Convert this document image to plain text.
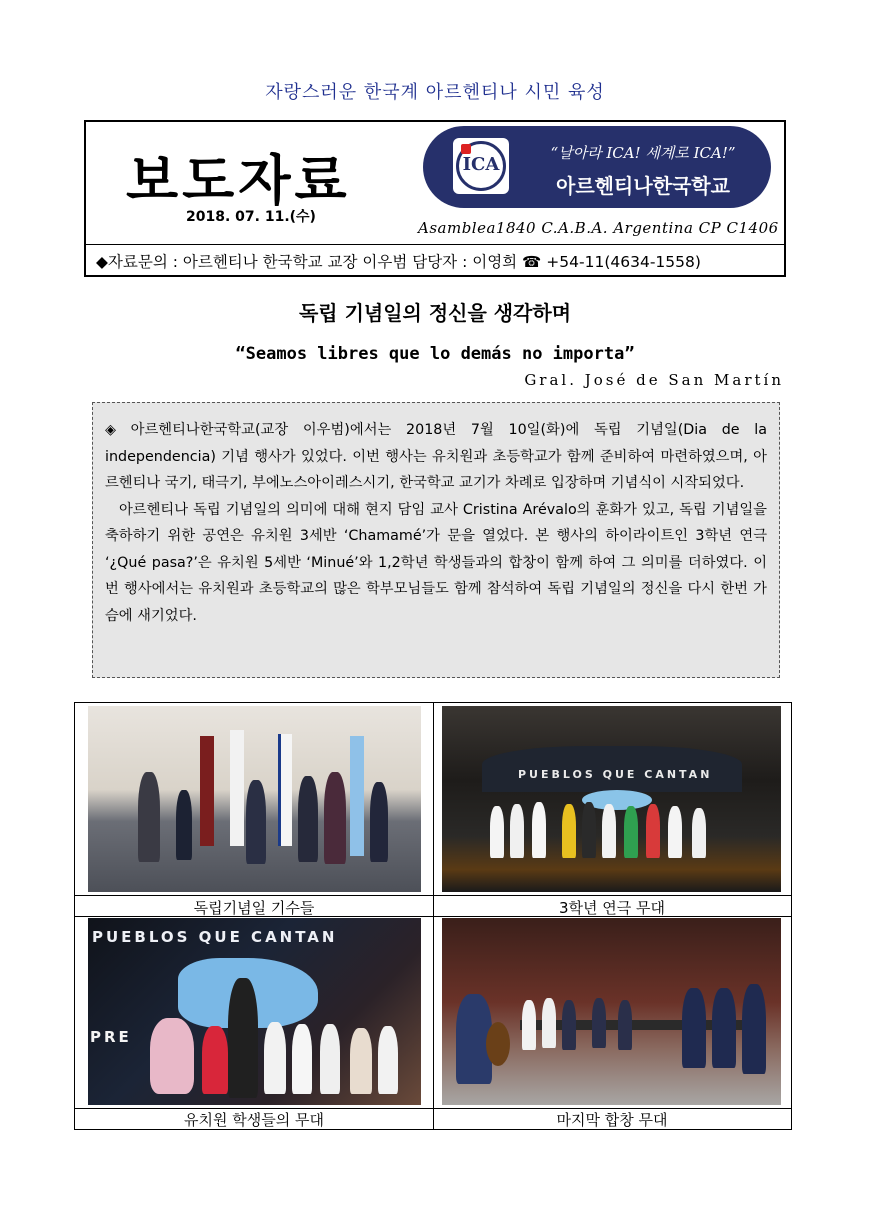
자랑스러운 한국계 아르헨티나 시민 육성
보도자료
2018. 07. 11.(수)
ICA
“날아라 ICA! 세계로 ICA!”
아르헨티나한국학교
Asamblea1840 C.A.B.A. Argentina CP C1406
◆자료문의 : 아르헨티나 한국학교 교장 이우범 담당자 : 이영희 ☎ +54-11(4634-1558)
독립 기념일의 정신을 생각하며
“Seamos libres que lo demás no importa”
Gral. José de San Martín

◈ 아르헨티나한국학교(교장 이우범)에서는 2018년 7월 10일(화)에 독립 기념일(Dia de la independencia) 기념 행사가 있었다. 이번 행사는 유치원과 초등학교가 함께 준비하여 마련하였으며, 아르헨티나 국기, 태극기, 부에노스아이레스시기, 한국학교 교기가 차례로 입장하며 기념식이 시작되었다.

아르헨티나 독립 기념일의 의미에 대해 현지 담임 교사 Cristina Arévalo의 훈화가 있고, 독립 기념일을 축하하기 위한 공연은 유치원 3세반 ‘Chamamé’가 문을 열었다. 본 행사의 하이라이트인 3학년 연극 ‘¿Qué pasa?’은 유치원 5세반 ‘Minué’와 1,2학년 학생들과의 합창이 함께 하여 그 의미를 더하였다. 이번 행사에서는 유치원과 초등학교의 많은 학부모님들도 함께 참석하여 독립 기념일의 정신을 다시 한번 가슴에 새기었다.

PUEBLOS QUE CANTAN
PUEBLOS QUE CANTAN
PRE
독립기념일 기수들	3학년 연극 무대
유치원 학생들의 무대	마지막 합창 무대
